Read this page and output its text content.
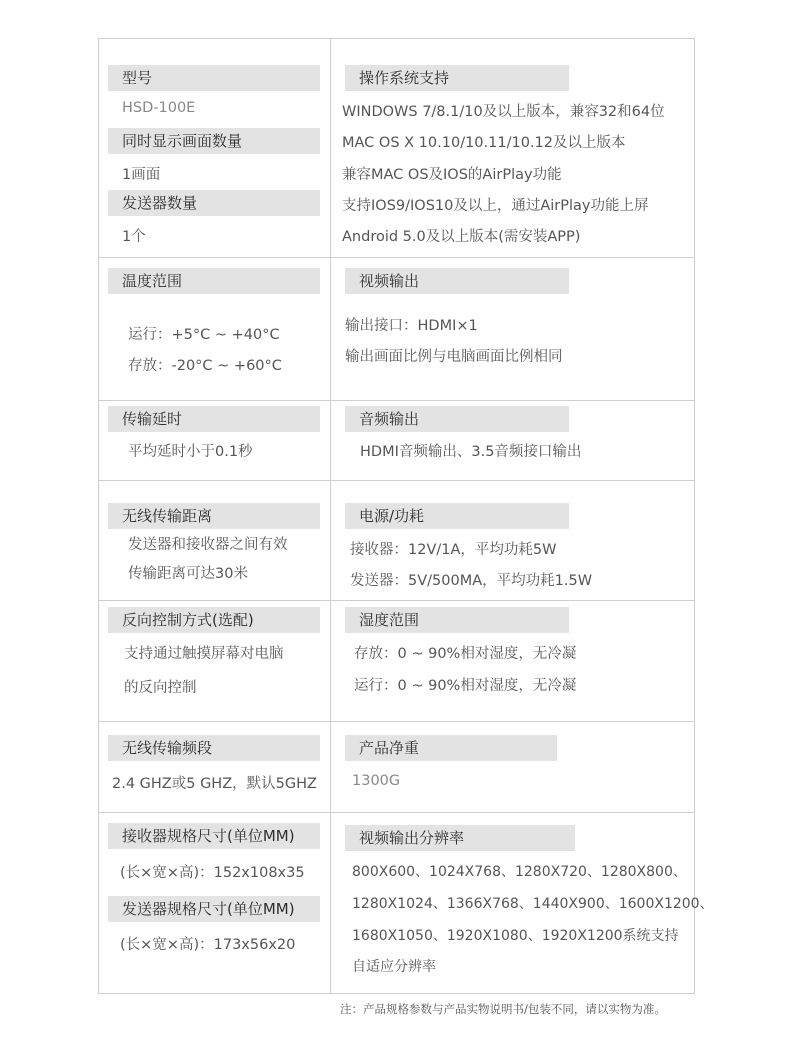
型号
HSD-100E
同时显示画面数量
1画面
发送器数量
1个
温度范围
运行：+5°C ~ +40°C
存放：-20°C ~ +60°C
传输延时
平均延时小于0.1秒
无线传输距离
发送器和接收器之间有效
传输距离可达30米
反向控制方式(选配)
支持通过触摸屏幕对电脑
的反向控制
无线传输频段
2.4 GHZ或5 GHZ，默认5GHZ
接收器规格尺寸(单位MM)
(长×宽×高)：152x108x35
发送器规格尺寸(单位MM)
(长×宽×高)：173x56x20
操作系统支持
WINDOWS 7/8.1/10及以上版本，兼容32和64位
MAC OS X 10.10/10.11/10.12及以上版本
兼容MAC OS及IOS的AirPlay功能
支持IOS9/IOS10及以上，通过AirPlay功能上屏
Android 5.0及以上版本(需安装APP)
视频输出
输出接口：HDMI×1
输出画面比例与电脑画面比例相同
音频输出
HDMI音频输出、3.5音频接口输出
电源/功耗
接收器：12V/1A，平均功耗5W
发送器：5V/500MA，平均功耗1.5W
湿度范围
存放：0 ~ 90%相对湿度，无冷凝
运行：0 ~ 90%相对湿度，无冷凝
产品净重
1300G
视频输出分辨率
800X600、1024X768、1280X720、1280X800、
1280X1024、1366X768、1440X900、1600X1200、
1680X1050、1920X1080、1920X1200系统支持
自适应分辨率
注：产品规格参数与产品实物说明书/包装不同，请以实物为准。
